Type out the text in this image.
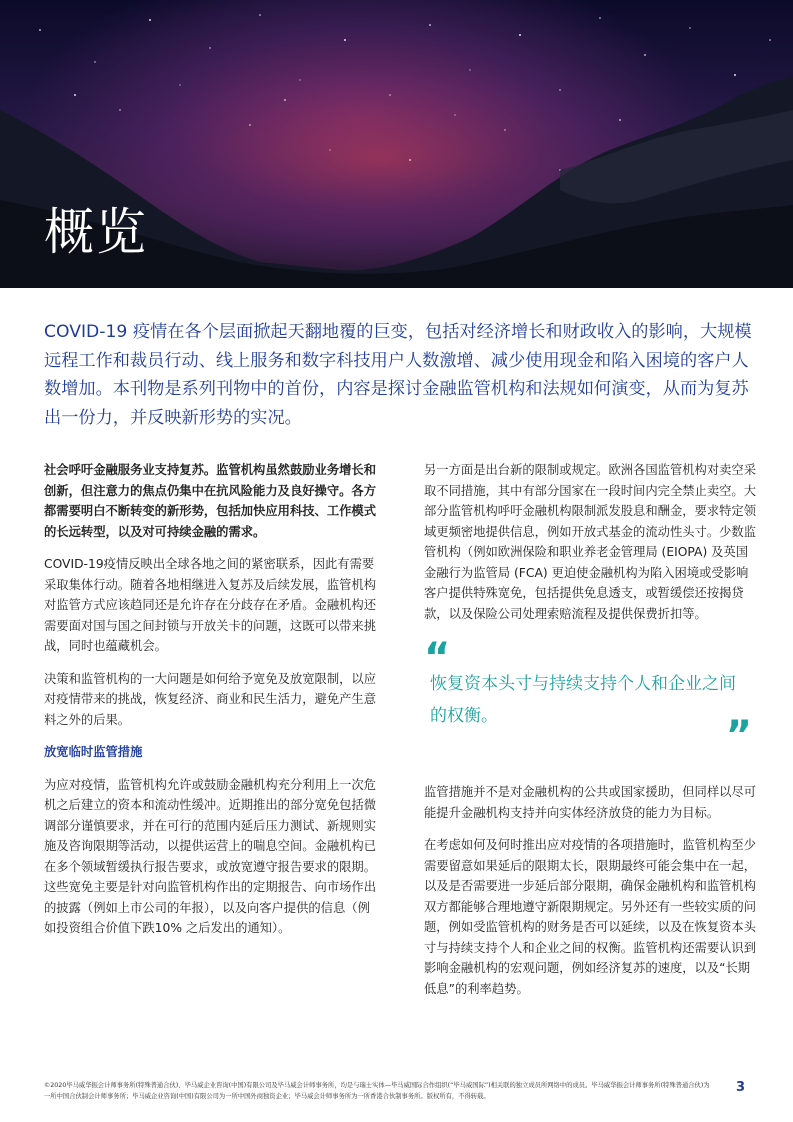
概览

COVID-19 疫情在各个层面掀起天翻地覆的巨变，包括对经济增长和财政收入的影响，大规模远程工作和裁员行动、线上服务和数字科技用户人数激增、减少使用现金和陷入困境的客户人数增加。本刊物是系列刊物中的首份，内容是探讨金融监管机构和法规如何演变，从而为复苏出一份力，并反映新形势的实况。

社会呼吁金融服务业支持复苏。监管机构虽然鼓励业务增长和创新，但注意力的焦点仍集中在抗风险能力及良好操守。各方都需要明白不断转变的新形势，包括加快应用科技、工作模式的长远转型，以及对可持续金融的需求。

COVID-19疫情反映出全球各地之间的紧密联系，因此有需要采取集体行动。随着各地相继进入复苏及后续发展，监管机构对监管方式应该趋同还是允许存在分歧存在矛盾。金融机构还需要面对国与国之间封锁与开放关卡的问题，这既可以带来挑战，同时也蕴藏机会。

决策和监管机构的一大问题是如何给予宽免及放宽限制，以应对疫情带来的挑战，恢复经济、商业和民生活力，避免产生意料之外的后果。

放宽临时监管措施

为应对疫情，监管机构允许或鼓励金融机构充分利用上一次危机之后建立的资本和流动性缓冲。近期推出的部分宽免包括微调部分谨慎要求，并在可行的范围内延后压力测试、新规则实施及咨询限期等活动，以提供运营上的喘息空间。金融机构已在多个领域暂缓执行报告要求，或放宽遵守报告要求的限期。这些宽免主要是针对向监管机构作出的定期报告、向市场作出的披露（例如上市公司的年报），以及向客户提供的信息（例如投资组合价值下跌10% 之后发出的通知）。

另一方面是出台新的限制或规定。欧洲各国监管机构对卖空采取不同措施，其中有部分国家在一段时间内完全禁止卖空。大部分监管机构呼吁金融机构限制派发股息和酬金，要求特定领域更频密地提供信息，例如开放式基金的流动性头寸。少数监管机构（例如欧洲保险和职业养老金管理局 (EIOPA) 及英国金融行为监管局 (FCA) 更迫使金融机构为陷入困境或受影响客户提供特殊宽免，包括提供免息透支，或暂缓偿还按揭贷款，以及保险公司处理索赔流程及提供保费折扣等。

“
恢复资本头寸与持续支持个人和企业之间的权衡。	”

监管措施并不是对金融机构的公共或国家援助，但同样以尽可能提升金融机构支持并向实体经济放贷的能力为目标。

在考虑如何及何时推出应对疫情的各项措施时，监管机构至少需要留意如果延后的限期太长，限期最终可能会集中在一起，以及是否需要进一步延后部分限期，确保金融机构和监管机构双方都能够合理地遵守新限期规定。另外还有一些较实质的问题，例如受监管机构的财务是否可以延续，以及在恢复资本头寸与持续支持个人和企业之间的权衡。监管机构还需要认识到影响金融机构的宏观问题，例如经济复苏的速度，以及“长期低息”的利率趋势。

©2020毕马威华振会计师事务所(特殊普通合伙)、毕马威企业咨询(中国)有限公司及毕马威会计师事务所，均是与瑞士实体—毕马威国际合作组织(“毕马威国际”)相关联的独立成员所网络中的成员。毕马威华振会计师事务所(特殊普通合伙)为一所中国合伙制会计师事务所；毕马威企业咨询(中国)有限公司为一所中国外商独资企业；毕马威会计师事务所为一所香港合伙制事务所。版权所有，不得转载。
3
